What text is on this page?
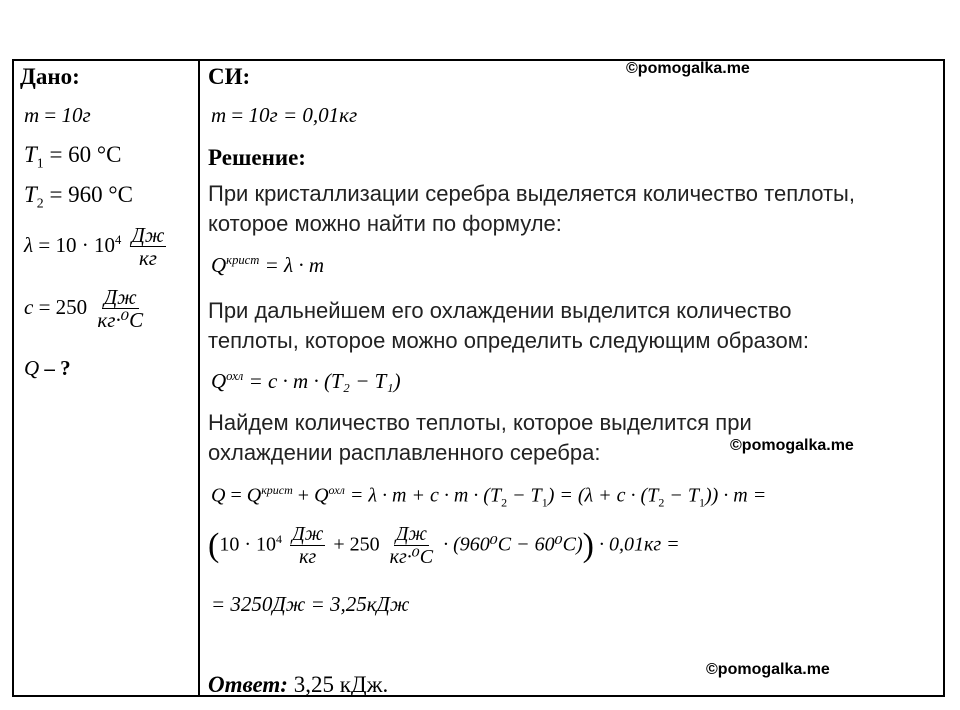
Дано:
m = 10г
$T_1 = 60$ °С
$T_2 = 960$ °С
$\lambda = 10 \cdot 10^4 \frac{Дж}{кг}$
$c = 250 \frac{Дж}{\text{кг·⁰С}}$
Q – ?
СИ:
m = 10г = 0,01кг
Решение:
При кристаллизации серебра выделяется количество теплоты,
которое можно найти по формуле:
$Q^{крист} = \lambda \cdot m$
При дальнейшем его охлаждении выделится количество
теплоты, которое можно определить следующим образом:
$Q^{охл} = c \cdot m \cdot (T_2 - T_1)$
Найдем количество теплоты, которое выделится при
охлаждении расплавленного серебра:
$Q = Q^{крист} + Q^{охл} = \lambda \cdot m + c \cdot m \cdot (T_2 - T_1) = (\lambda + c \cdot (T_2 - T_1)) \cdot m$ =
$(10 \cdot 10^4 \frac{Дж}{кг} + 250 \frac{Дж}{\text{кг·⁰С}} \cdot (960^0С - 60^0С)) \cdot 0,01кг$ =
= 3250Дж = 3,25кДж
Ответ: 3,25 кДж.
©pomogalka.me
©pomogalka.me
©pomogalka.me
